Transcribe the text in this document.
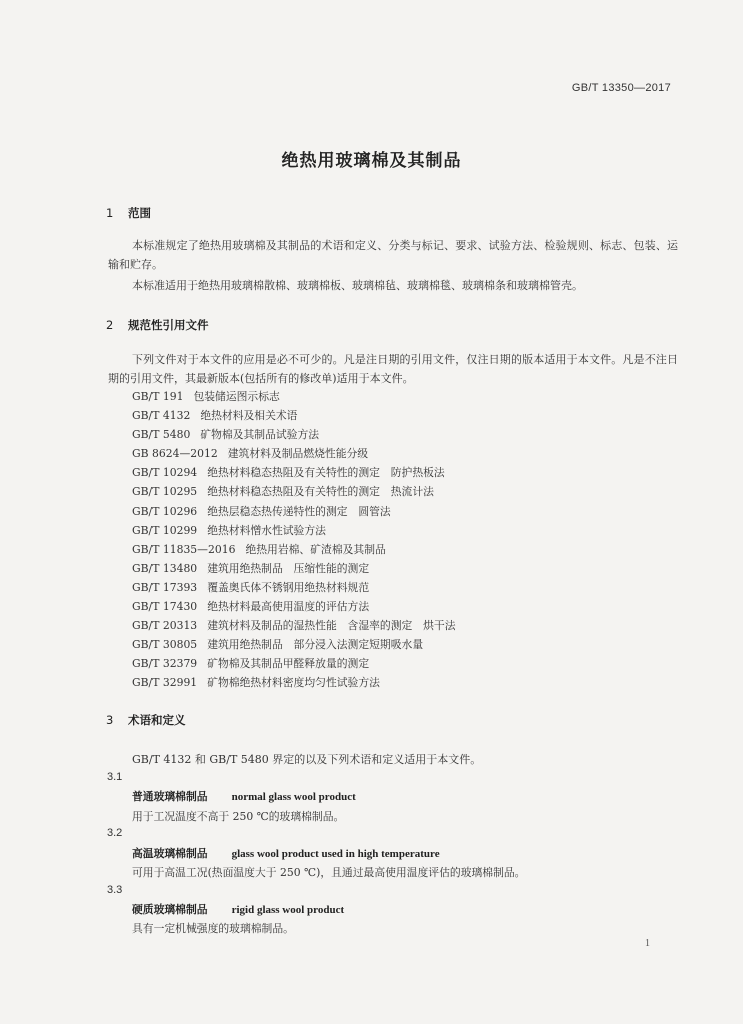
GB/T 13350—2017
绝热用玻璃棉及其制品
1 范围
本标准规定了绝热用玻璃棉及其制品的术语和定义、分类与标记、要求、试验方法、检验规则、标志、包装、运输和贮存。
本标准适用于绝热用玻璃棉散棉、玻璃棉板、玻璃棉毡、玻璃棉毯、玻璃棉条和玻璃棉管壳。
2 规范性引用文件
下列文件对于本文件的应用是必不可少的。凡是注日期的引用文件，仅注日期的版本适用于本文件。凡是不注日期的引用文件，其最新版本(包括所有的修改单)适用于本文件。
GB/T 191 包装储运图示标志
GB/T 4132 绝热材料及相关术语
GB/T 5480 矿物棉及其制品试验方法
GB 8624—2012 建筑材料及制品燃烧性能分级
GB/T 10294 绝热材料稳态热阻及有关特性的测定　防护热板法
GB/T 10295 绝热材料稳态热阻及有关特性的测定　热流计法
GB/T 10296 绝热层稳态热传递特性的测定　圆管法
GB/T 10299 绝热材料憎水性试验方法
GB/T 11835—2016 绝热用岩棉、矿渣棉及其制品
GB/T 13480 建筑用绝热制品　压缩性能的测定
GB/T 17393 覆盖奥氏体不锈钢用绝热材料规范
GB/T 17430 绝热材料最高使用温度的评估方法
GB/T 20313 建筑材料及制品的湿热性能　含湿率的测定　烘干法
GB/T 30805 建筑用绝热制品　部分浸入法测定短期吸水量
GB/T 32379 矿物棉及其制品甲醛释放量的测定
GB/T 32991 矿物棉绝热材料密度均匀性试验方法
3 术语和定义
GB/T 4132 和 GB/T 5480 界定的以及下列术语和定义适用于本文件。
3.1
普通玻璃棉制品 normal glass wool product
用于工况温度不高于 250 ℃的玻璃棉制品。
3.2
高温玻璃棉制品 glass wool product used in high temperature
可用于高温工况(热面温度大于 250 ℃)，且通过最高使用温度评估的玻璃棉制品。
3.3
硬质玻璃棉制品 rigid glass wool product
具有一定机械强度的玻璃棉制品。
1
